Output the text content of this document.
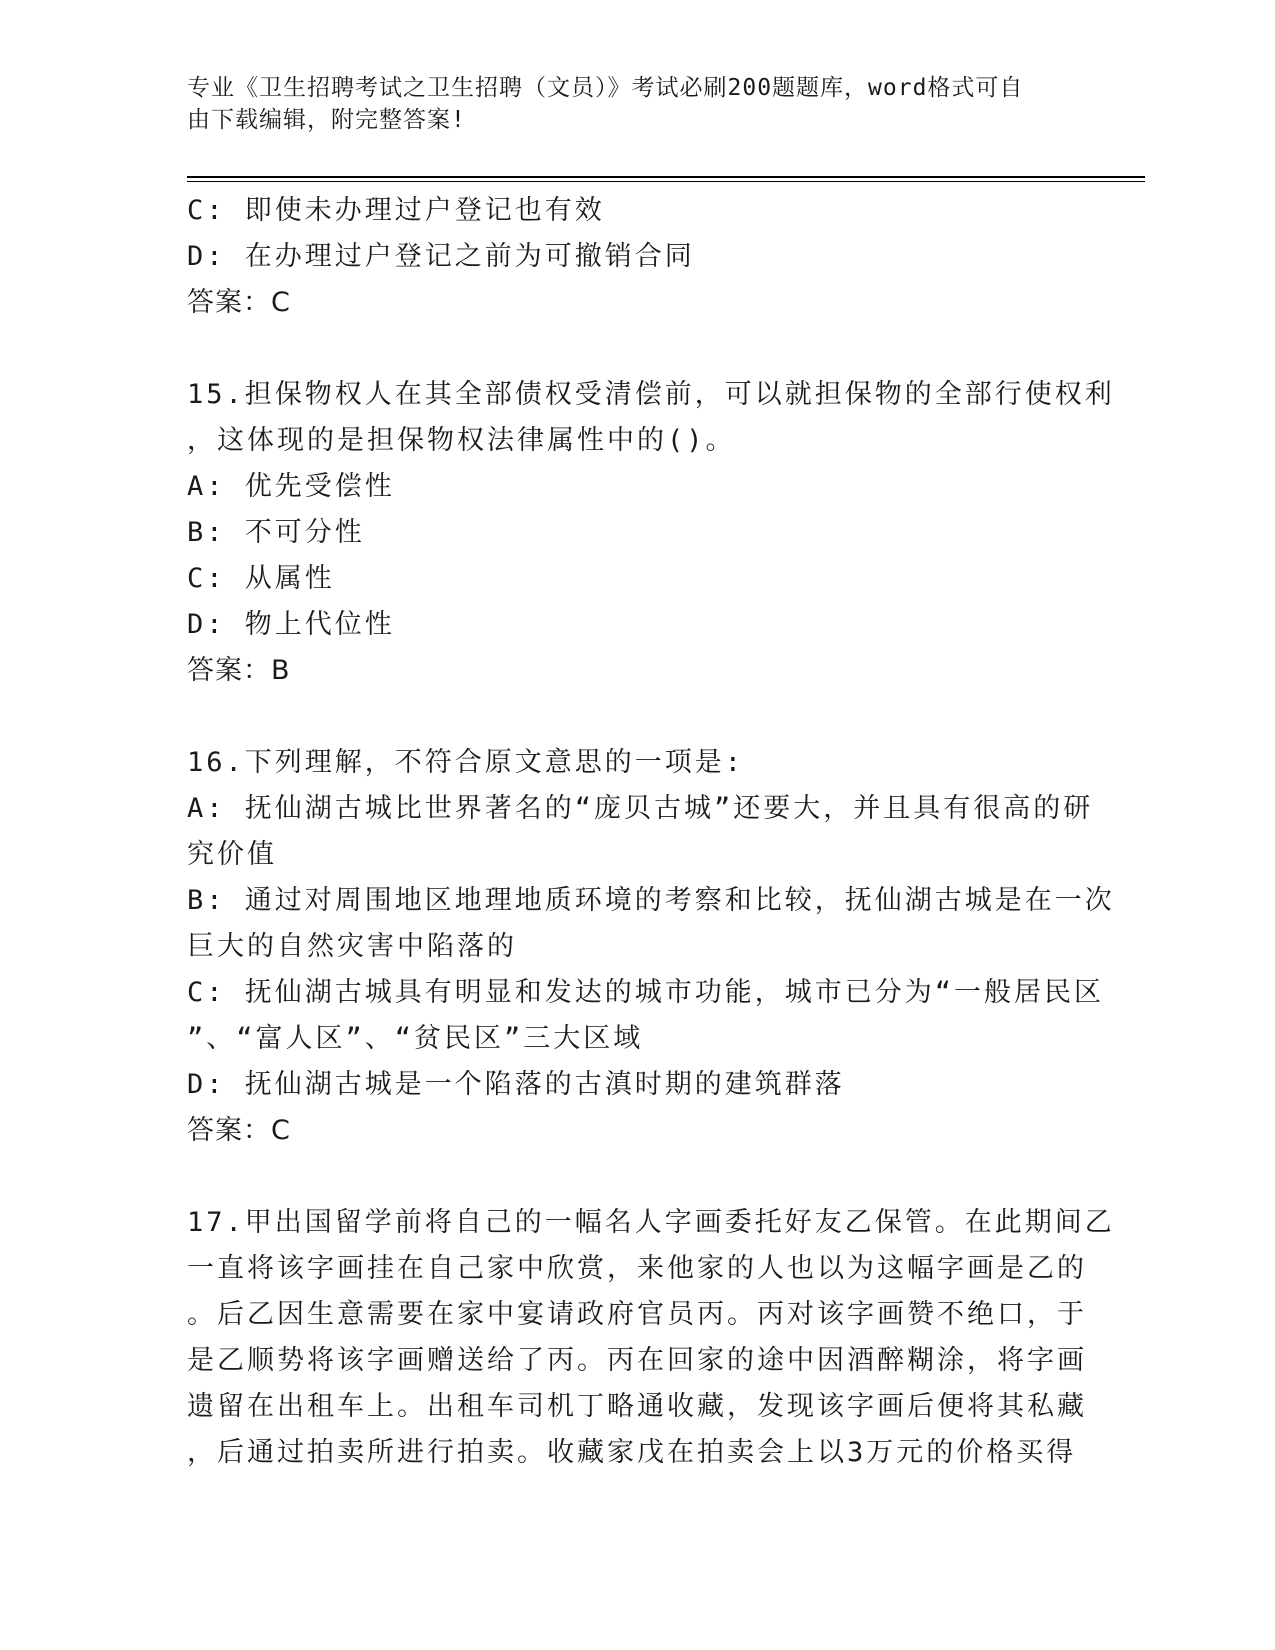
专业《卫生招聘考试之卫生招聘（文员）》考试必刷200题题库，word格式可自
由下载编辑，附完整答案!
C: 即使未办理过户登记也有效
D: 在办理过户登记之前为可撤销合同
答案：C
15.担保物权人在其全部债权受清偿前，可以就担保物的全部行使权利
，这体现的是担保物权法律属性中的()。
A: 优先受偿性
B: 不可分性
C: 从属性
D: 物上代位性
答案：B
16.下列理解，不符合原文意思的一项是:
A: 抚仙湖古城比世界著名的“庞贝古城”还要大，并且具有很高的研
究价值
B: 通过对周围地区地理地质环境的考察和比较，抚仙湖古城是在一次
巨大的自然灾害中陷落的
C: 抚仙湖古城具有明显和发达的城市功能，城市已分为“一般居民区
”、“富人区”、“贫民区”三大区域
D: 抚仙湖古城是一个陷落的古滇时期的建筑群落
答案：C
17.甲出国留学前将自己的一幅名人字画委托好友乙保管。在此期间乙
一直将该字画挂在自己家中欣赏，来他家的人也以为这幅字画是乙的
。后乙因生意需要在家中宴请政府官员丙。丙对该字画赞不绝口，于
是乙顺势将该字画赠送给了丙。丙在回家的途中因酒醉糊涂，将字画
遗留在出租车上。出租车司机丁略通收藏，发现该字画后便将其私藏
，后通过拍卖所进行拍卖。收藏家戊在拍卖会上以3万元的价格买得
